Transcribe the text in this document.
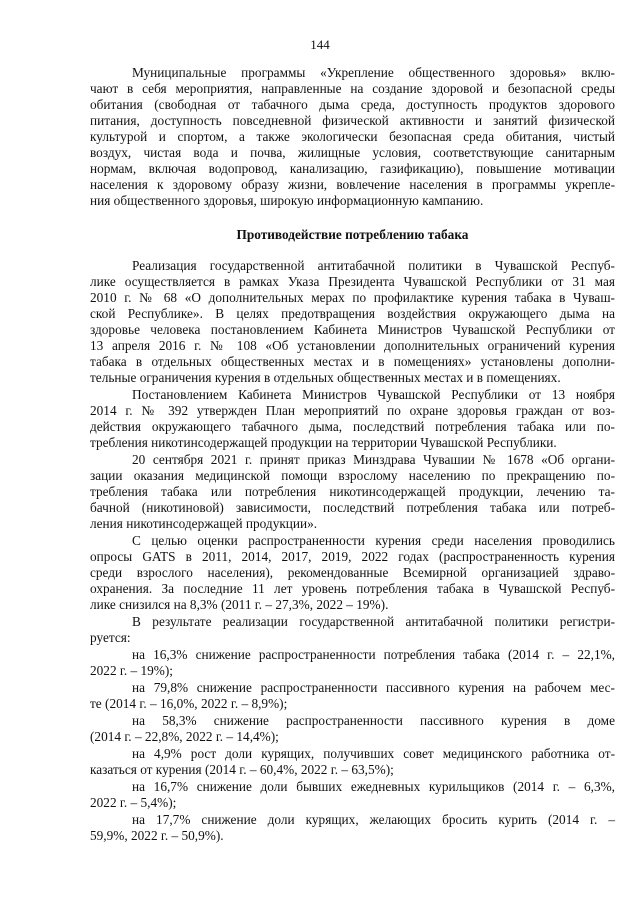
144
Муниципальные программы «Укрепление общественного здоровья» вклю-
чают в себя мероприятия, направленные на создание здоровой и безопасной среды
обитания (свободная от табачного дыма среда, доступность продуктов здорового
питания, доступность повседневной физической активности и занятий физической
культурой и спортом, а также экологически безопасная среда обитания, чистый
воздух, чистая вода и почва, жилищные условия, соответствующие санитарным
нормам, включая водопровод, канализацию, газификацию), повышение мотивации
населения к здоровому образу жизни, вовлечение населения в программы укрепле-
ния общественного здоровья, широкую информационную кампанию.
Противодействие потреблению табака
Реализация государственной антитабачной политики в Чувашской Респуб-
лике осуществляется в рамках Указа Президента Чувашской Республики от 31 мая
2010 г. № 68 «О дополнительных мерах по профилактике курения табака в Чуваш-
ской Республике». В целях предотвращения воздействия окружающего дыма на
здоровье человека постановлением Кабинета Министров Чувашской Республики от
13 апреля 2016 г. № 108 «Об установлении дополнительных ограничений курения
табака в отдельных общественных местах и в помещениях» установлены дополни-
тельные ограничения курения в отдельных общественных местах и в помещениях.
Постановлением Кабинета Министров Чувашской Республики от 13 ноября
2014 г. № 392 утвержден План мероприятий по охране здоровья граждан от воз-
действия окружающего табачного дыма, последствий потребления табака или по-
требления никотинсодержащей продукции на территории Чувашской Республики.
20 сентября 2021 г. принят приказ Минздрава Чувашии № 1678 «Об органи-
зации оказания медицинской помощи взрослому населению по прекращению по-
требления табака или потребления никотинсодержащей продукции, лечению та-
бачной (никотиновой) зависимости, последствий потребления табака или потреб-
ления никотинсодержащей продукции».
С целью оценки распространенности курения среди населения проводились
опросы GATS в 2011, 2014, 2017, 2019, 2022 годах (распространенность курения
среди взрослого населения), рекомендованные Всемирной организацией здраво-
охранения. За последние 11 лет уровень потребления табака в Чувашской Респуб-
лике снизился на 8,3% (2011 г. – 27,3%, 2022 – 19%).
В результате реализации государственной антитабачной политики регистри-
руется:
на 16,3% снижение распространенности потребления табака (2014 г. – 22,1%,
2022 г. – 19%);
на 79,8% снижение распространенности пассивного курения на рабочем мес-
те (2014 г. – 16,0%, 2022 г. – 8,9%);
на 58,3% снижение распространенности пассивного курения в доме
(2014 г. – 22,8%, 2022 г. – 14,4%);
на 4,9% рост доли курящих, получивших совет медицинского работника от-
казаться от курения (2014 г. – 60,4%, 2022 г. – 63,5%);
на 16,7% снижение доли бывших ежедневных курильщиков (2014 г. – 6,3%,
2022 г. – 5,4%);
на 17,7% снижение доли курящих, желающих бросить курить (2014 г. –
59,9%, 2022 г. – 50,9%).
